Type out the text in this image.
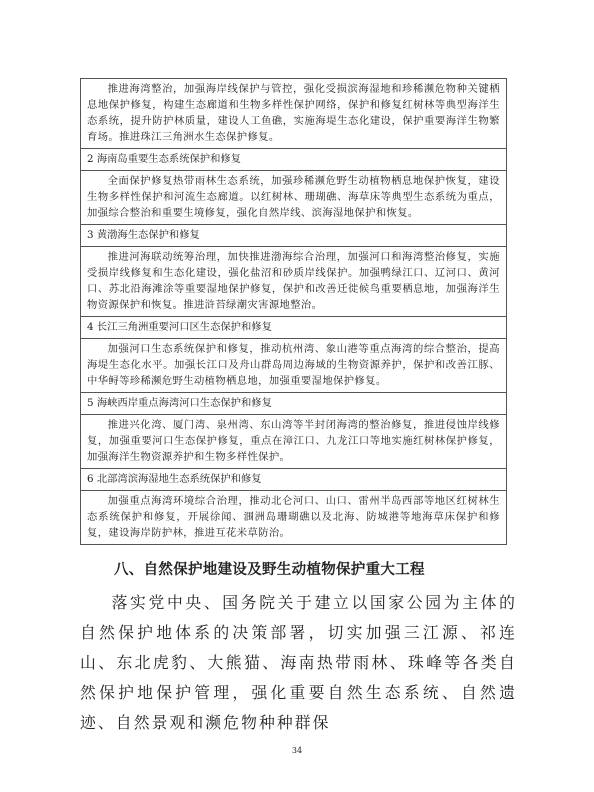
推进海湾整治，加强海岸线保护与管控，强化受损滨海湿地和珍稀濒危物种关键栖息地保护修复，构建生态廊道和生物多样性保护网络，保护和修复红树林等典型海洋生态系统，提升防护林质量，建设人工鱼礁，实施海堤生态化建设，保护重要海洋生物繁育场。推进珠江三角洲水生态保护修复。

2 海南岛重要生态系统保护和修复

全面保护修复热带雨林生态系统，加强珍稀濒危野生动植物栖息地保护恢复，建设生物多样性保护和河流生态廊道。以红树林、珊瑚礁、海草床等典型生态系统为重点，加强综合整治和重要生境修复，强化自然岸线、滨海湿地保护和恢复。

3 黄渤海生态保护和修复

推进河海联动统筹治理，加快推进渤海综合治理，加强河口和海湾整治修复，实施受损岸线修复和生态化建设，强化盐沼和砂质岸线保护。加强鸭绿江口、辽河口、黄河口、苏北沿海滩涂等重要湿地保护修复，保护和改善迁徙候鸟重要栖息地，加强海洋生物资源保护和恢复。推进浒苔绿潮灾害源地整治。

4 长江三角洲重要河口区生态保护和修复

加强河口生态系统保护和修复，推动杭州湾、象山港等重点海湾的综合整治，提高海堤生态化水平。加强长江口及舟山群岛周边海域的生物资源养护，保护和改善江豚、中华鲟等珍稀濒危野生动植物栖息地，加强重要湿地保护修复。

5 海峡西岸重点海湾河口生态保护和修复

推进兴化湾、厦门湾、泉州湾、东山湾等半封闭海湾的整治修复，推进侵蚀岸线修复，加强重要河口生态保护修复，重点在漳江口、九龙江口等地实施红树林保护修复，加强海洋生物资源养护和生物多样性保护。

6 北部湾滨海湿地生态系统保护和修复

加强重点海湾环境综合治理，推动北仑河口、山口、雷州半岛西部等地区红树林生态系统保护和修复，开展徐闻、涠洲岛珊瑚礁以及北海、防城港等地海草床保护和修复，建设海岸防护林，推进互花米草防治。

八、自然保护地建设及野生动植物保护重大工程

落实党中央、国务院关于建立以国家公园为主体的自然保护地体系的决策部署，切实加强三江源、祁连山、东北虎豹、大熊猫、海南热带雨林、珠峰等各类自然保护地保护管理，强化重要自然生态系统、自然遗迹、自然景观和濒危物种种群保

34
